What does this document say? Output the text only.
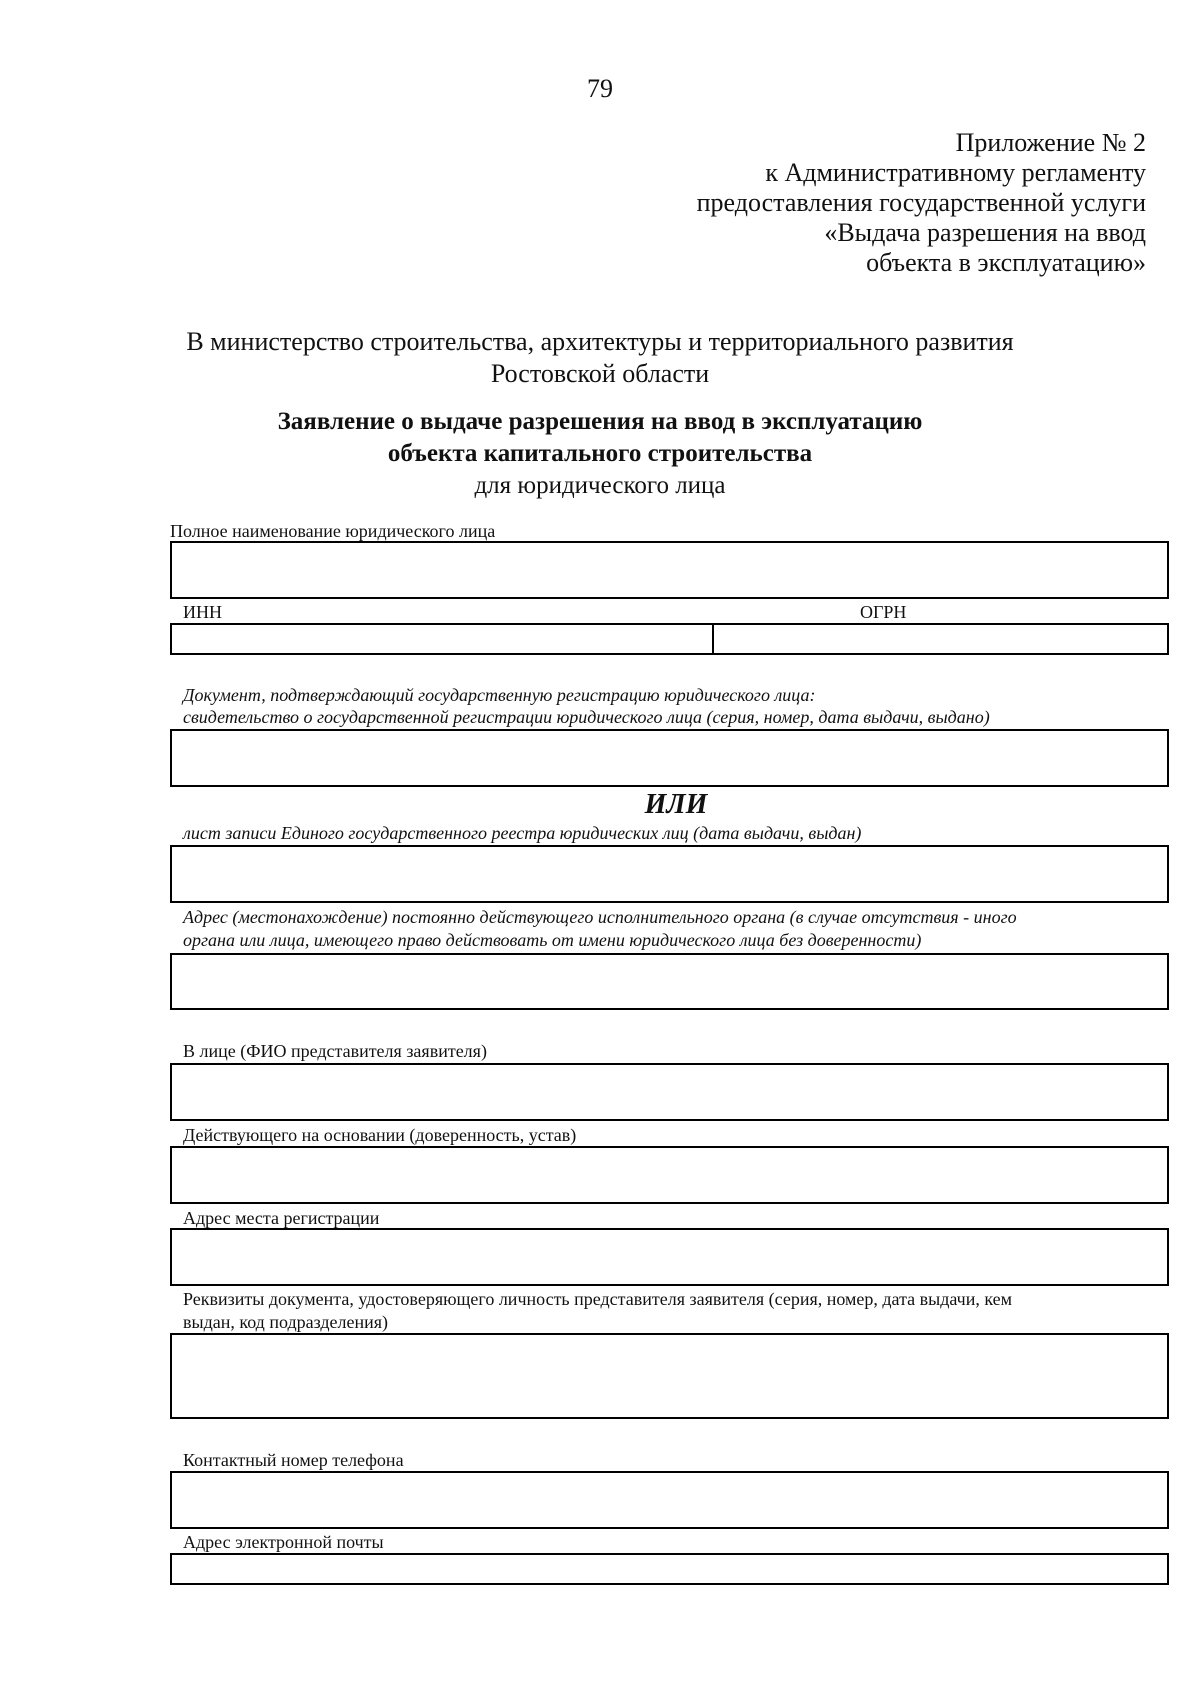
79
Приложение № 2
к Административному регламенту
предоставления государственной услуги
«Выдача разрешения на ввод
объекта в эксплуатацию»
В министерство строительства, архитектуры и территориального развития
Ростовской области
Заявление о выдаче разрешения на ввод в эксплуатацию
объекта капитального строительства
для юридического лица
Полное наименование юридического лица
ИНН	ОГРН
Документ, подтверждающий государственную регистрацию юридического лица:
свидетельство о государственной регистрации юридического лица (серия, номер, дата выдачи, выдано)
ИЛИ
лист записи Единого государственного реестра юридических лиц (дата выдачи, выдан)
Адрес (местонахождение) постоянно действующего исполнительного органа (в случае отсутствия - иного
органа или лица, имеющего право действовать от имени юридического лица без доверенности)
В лице (ФИО представителя заявителя)
Действующего на основании (доверенность, устав)
Адрес места регистрации
Реквизиты документа, удостоверяющего личность представителя заявителя (серия, номер, дата выдачи, кем
выдан, код подразделения)
Контактный номер телефона
Адрес электронной почты
